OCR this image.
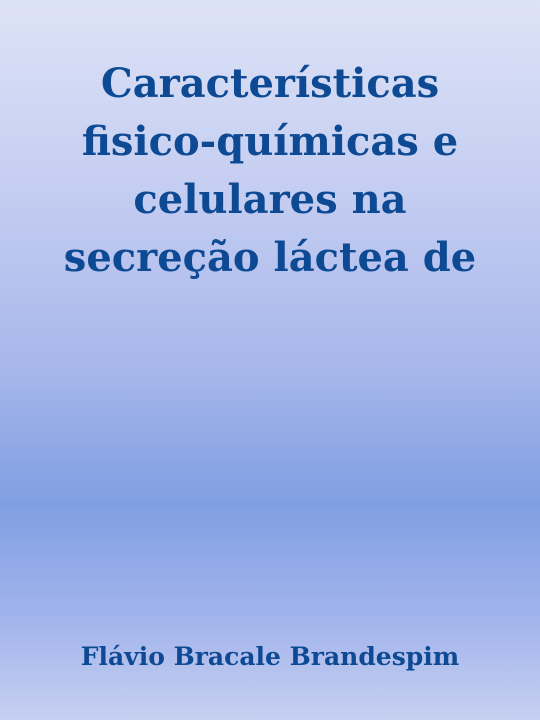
Características
fisico-químicas e
celulares na
secreção láctea de
Flávio Bracale Brandespim
